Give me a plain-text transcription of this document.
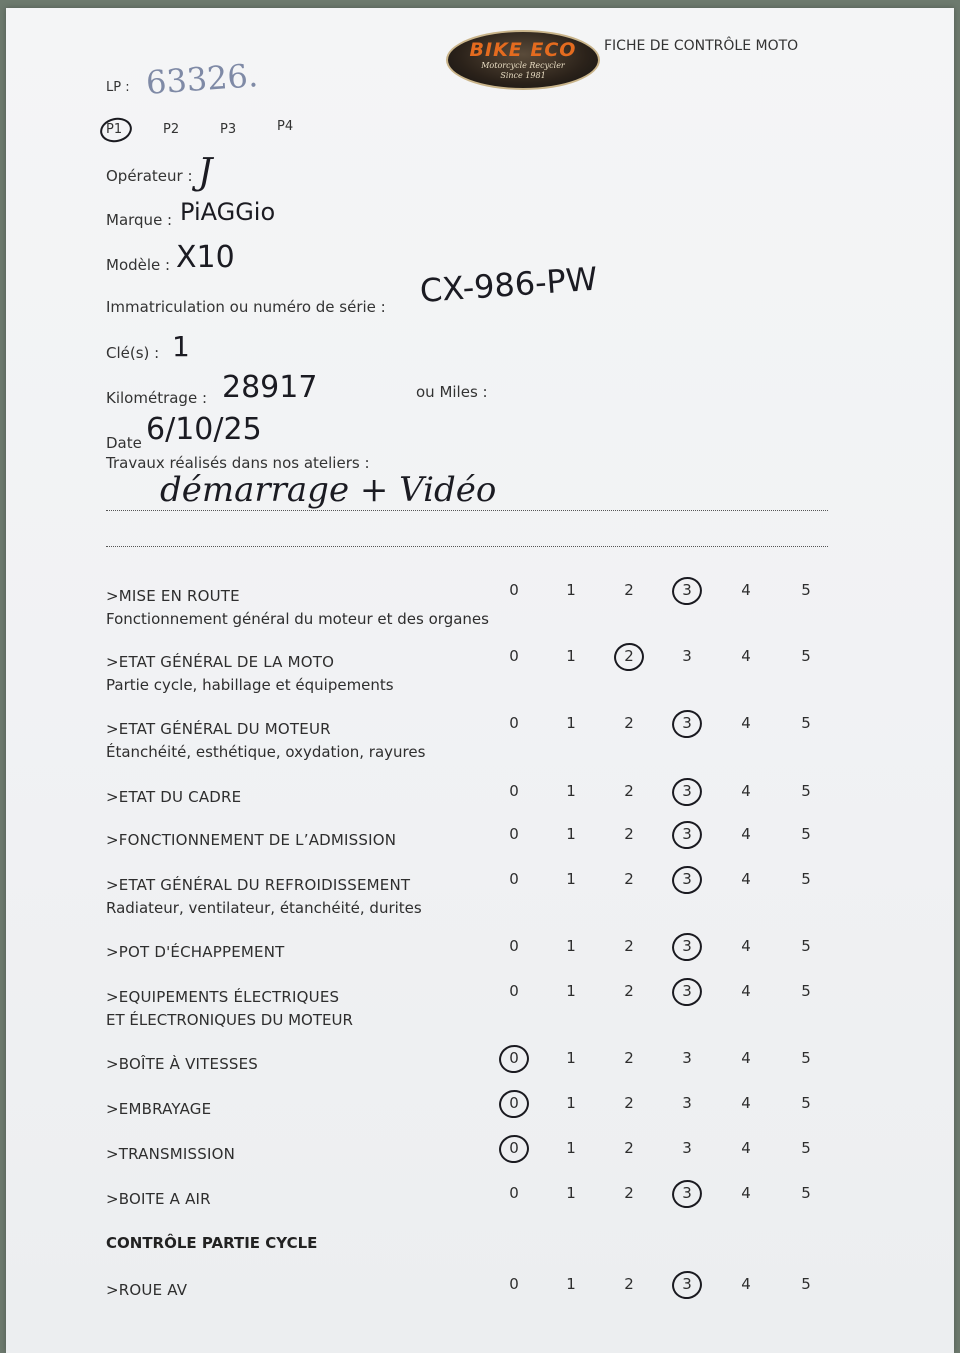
BIKE ECO
Motorcycle Recycler
Since 1981
FICHE DE CONTRÔLE MOTO
LP : 63326.
P1	P2	P3	P4
Opérateur : J
Marque : PiAGGio
Modèle : X10
Immatriculation ou numéro de série : CX-986-PW
Clé(s) : 1
Kilométrage : 28917	ou Miles :
Date 6/10/25
Travaux réalisés dans nos ateliers :
démarrage + Vidéo
>MISE EN ROUTE
Fonctionnement général du moteur et des organes
0	1	2	3	4	5
>ETAT GÉNÉRAL DE LA MOTO
Partie cycle, habillage et équipements
0	1	2	3	4	5
>ETAT GÉNÉRAL DU MOTEUR
Étanchéité, esthétique, oxydation, rayures
0	1	2	3	4	5
>ETAT DU CADRE	0	1	2	3	4	5
>FONCTIONNEMENT DE L’ADMISSION	0	1	2	3	4	5
>ETAT GÉNÉRAL DU REFROIDISSEMENT
Radiateur, ventilateur, étanchéité, durites
0	1	2	3	4	5
>POT D'ÉCHAPPEMENT	0	1	2	3	4	5
>EQUIPEMENTS ÉLECTRIQUES
ET ÉLECTRONIQUES DU MOTEUR
0	1	2	3	4	5
>BOÎTE À VITESSES	0	1	2	3	4	5
>EMBRAYAGE	0	1	2	3	4	5
>TRANSMISSION	0	1	2	3	4	5
>BOITE A AIR	0	1	2	3	4	5
CONTRÔLE PARTIE CYCLE
>ROUE AV	0	1	2	3	4	5
